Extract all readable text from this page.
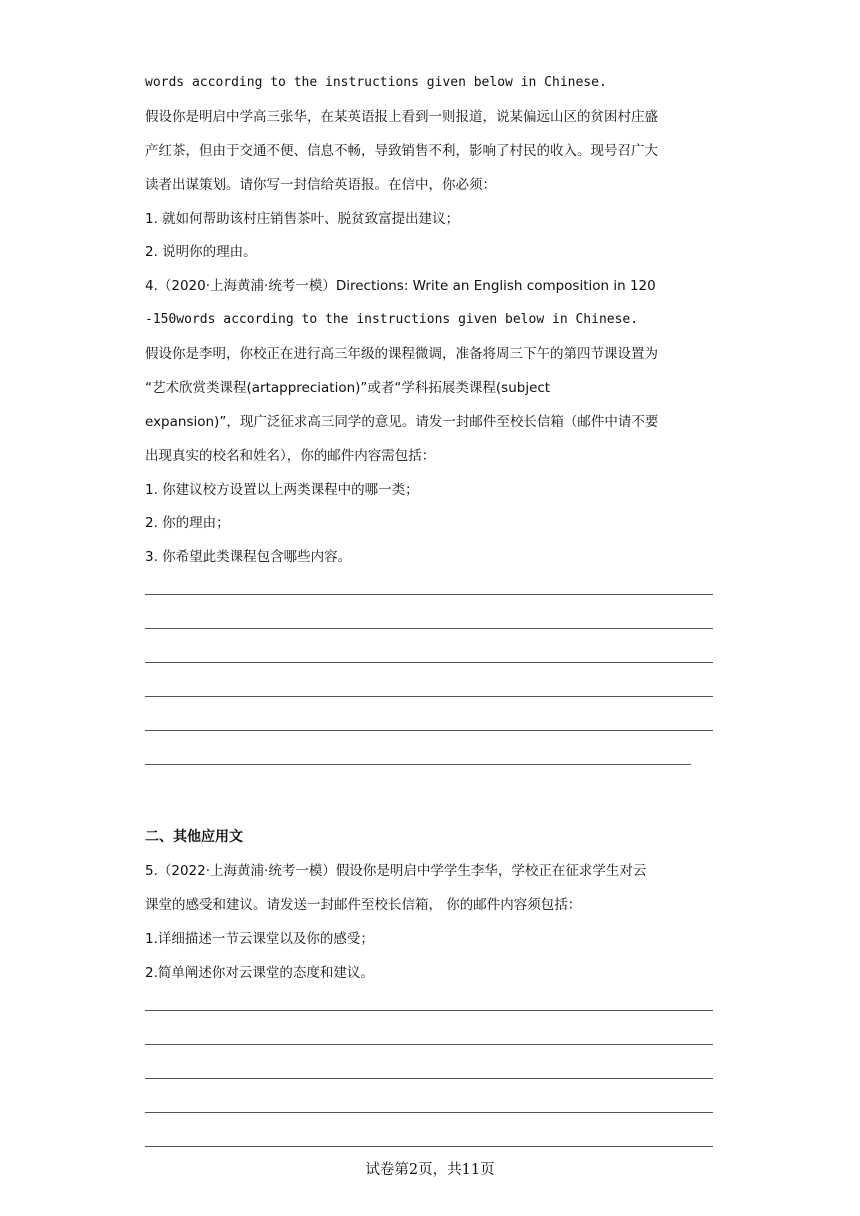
words according to the instructions given below in Chinese.
假设你是明启中学高三张华，在某英语报上看到一则报道，说某偏远山区的贫困村庄盛
产红茶，但由于交通不便、信息不畅，导致销售不利，影响了村民的收入。现号召广大
读者出谋策划。请你写一封信给英语报。在信中，你必须：
1. 就如何帮助该村庄销售茶叶、脱贫致富提出建议；
2. 说明你的理由。
4.（2020·上海黄浦·统考一模）Directions: Write an English composition in 120
-150words according to the instructions given below in Chinese.
假设你是李明，你校正在进行高三年级的课程微调，准备将周三下午的第四节课设置为
“艺术欣赏类课程(artappreciation)”或者“学科拓展类课程(subject
expansion)”，现广泛征求高三同学的意见。请发一封邮件至校长信箱（邮件中请不要
出现真实的校名和姓名），你的邮件内容需包括：
1. 你建议校方设置以上两类课程中的哪一类；
2. 你的理由；
3. 你希望此类课程包含哪些内容。
二、其他应用文
5.（2022·上海黄浦·统考一模）假设你是明启中学学生李华，学校正在征求学生对云
课堂的感受和建议。请发送一封邮件至校长信箱， 你的邮件内容须包括：
1.详细描述一节云课堂以及你的感受；
2.简单阐述你对云课堂的态度和建议。
试卷第2页，共11页
